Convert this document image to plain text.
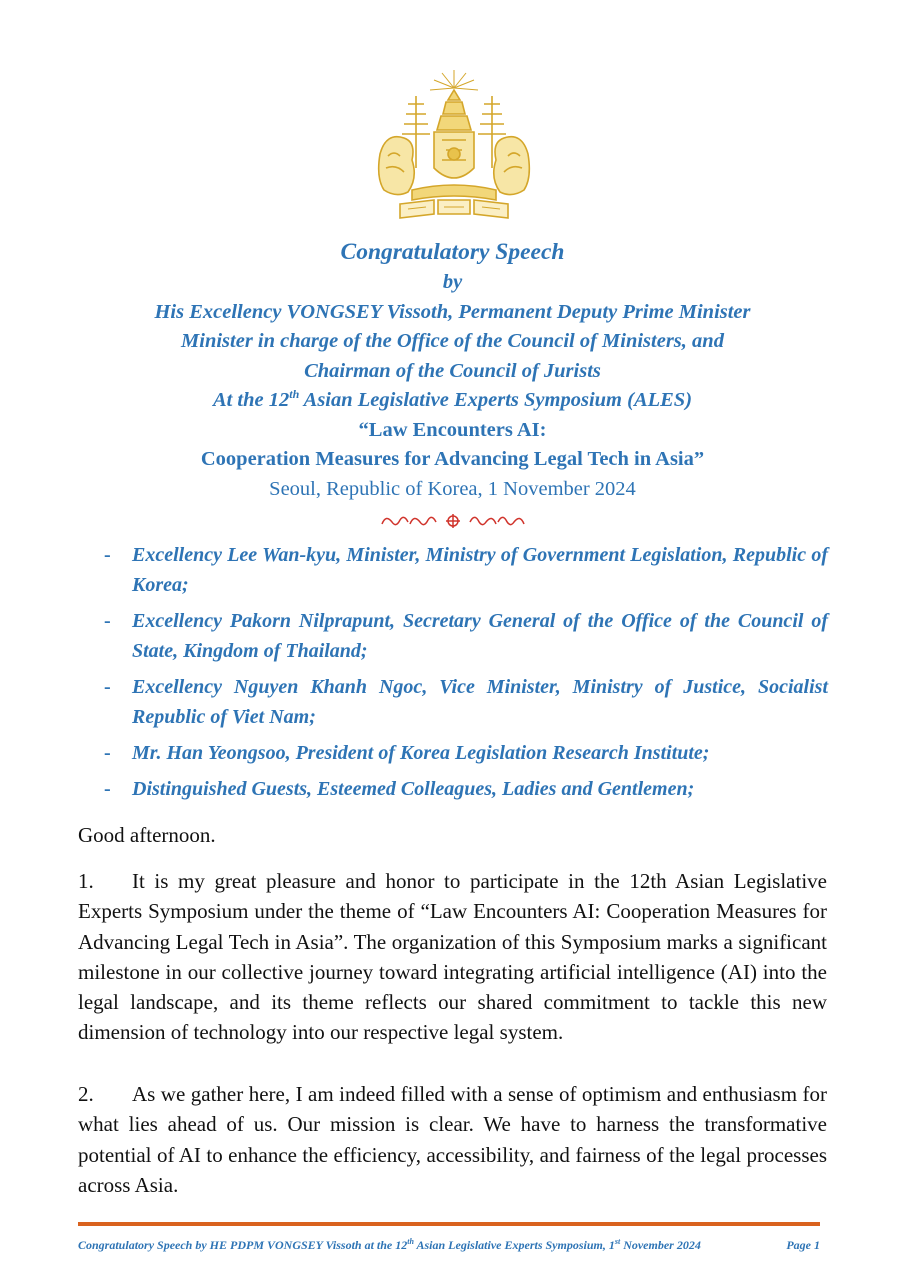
Congratulatory Speech
by
His Excellency VONGSEY Vissoth, Permanent Deputy Prime Minister
Minister in charge of the Office of the Council of Ministers, and
Chairman of the Council of Jurists
At the 12th Asian Legislative Experts Symposium (ALES)
“Law Encounters AI:
Cooperation Measures for Advancing Legal Tech in Asia”
Seoul, Republic of Korea, 1 November 2024
- Excellency Lee Wan-kyu, Minister, Ministry of Government Legislation, Republic of Korea;
- Excellency Pakorn Nilprapunt, Secretary General of the Office of the Council of State, Kingdom of Thailand;
- Excellency Nguyen Khanh Ngoc, Vice Minister, Ministry of Justice, Socialist Republic of Viet Nam;
- Mr. Han Yeongsoo, President of Korea Legislation Research Institute;
- Distinguished Guests, Esteemed Colleagues, Ladies and Gentlemen;
Good afternoon.
1. It is my great pleasure and honor to participate in the 12th Asian Legislative Experts Symposium under the theme of “Law Encounters AI: Cooperation Measures for Advancing Legal Tech in Asia”. The organization of this Symposium marks a significant milestone in our collective journey toward integrating artificial intelligence (AI) into the legal landscape, and its theme reflects our shared commitment to tackle this new dimension of technology into our respective legal system.
2. As we gather here, I am indeed filled with a sense of optimism and enthusiasm for what lies ahead of us. Our mission is clear. We have to harness the transformative potential of AI to enhance the efficiency, accessibility, and fairness of the legal processes across Asia.
Congratulatory Speech by HE PDPM VONGSEY Vissoth at the 12th Asian Legislative Experts Symposium, 1st November 2024	Page 1
